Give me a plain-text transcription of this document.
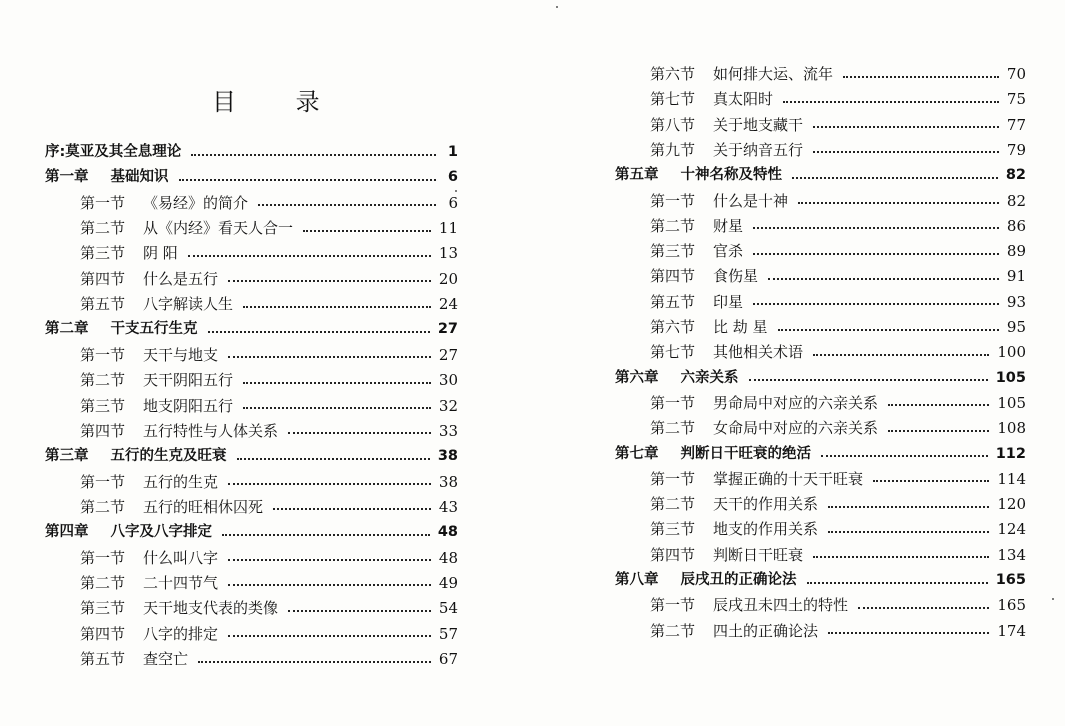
目 录
序:莫亚及其全息理论	1
第一章 基础知识	6
第一节 《易经》的简介	6
第二节 从《内经》看天人合一	11
第三节 阴 阳	13
第四节 什么是五行	20
第五节 八字解读人生	24
第二章 干支五行生克	27
第一节 天干与地支	27
第二节 天干阴阳五行	30
第三节 地支阴阳五行	32
第四节 五行特性与人体关系	33
第三章 五行的生克及旺衰	38
第一节 五行的生克	38
第二节 五行的旺相休囚死	43
第四章 八字及八字排定	48
第一节 什么叫八字	48
第二节 二十四节气	49
第三节 天干地支代表的类像	54
第四节 八字的排定	57
第五节 查空亡	67
第六节 如何排大运、流年	70
第七节 真太阳时	75
第八节 关于地支藏干	77
第九节 关于纳音五行	79
第五章 十神名称及特性	82
第一节 什么是十神	82
第二节 财星	86
第三节 官杀	89
第四节 食伤星	91
第五节 印星	93
第六节 比 劫 星	95
第七节 其他相关术语	100
第六章 六亲关系	105
第一节 男命局中对应的六亲关系	105
第二节 女命局中对应的六亲关系	108
第七章 判断日干旺衰的绝活	112
第一节 掌握正确的十天干旺衰	114
第二节 天干的作用关系	120
第三节 地支的作用关系	124
第四节 判断日干旺衰	134
第八章 辰戌丑的正确论法	165
第一节 辰戌丑未四土的特性	165
第二节 四土的正确论法	174
